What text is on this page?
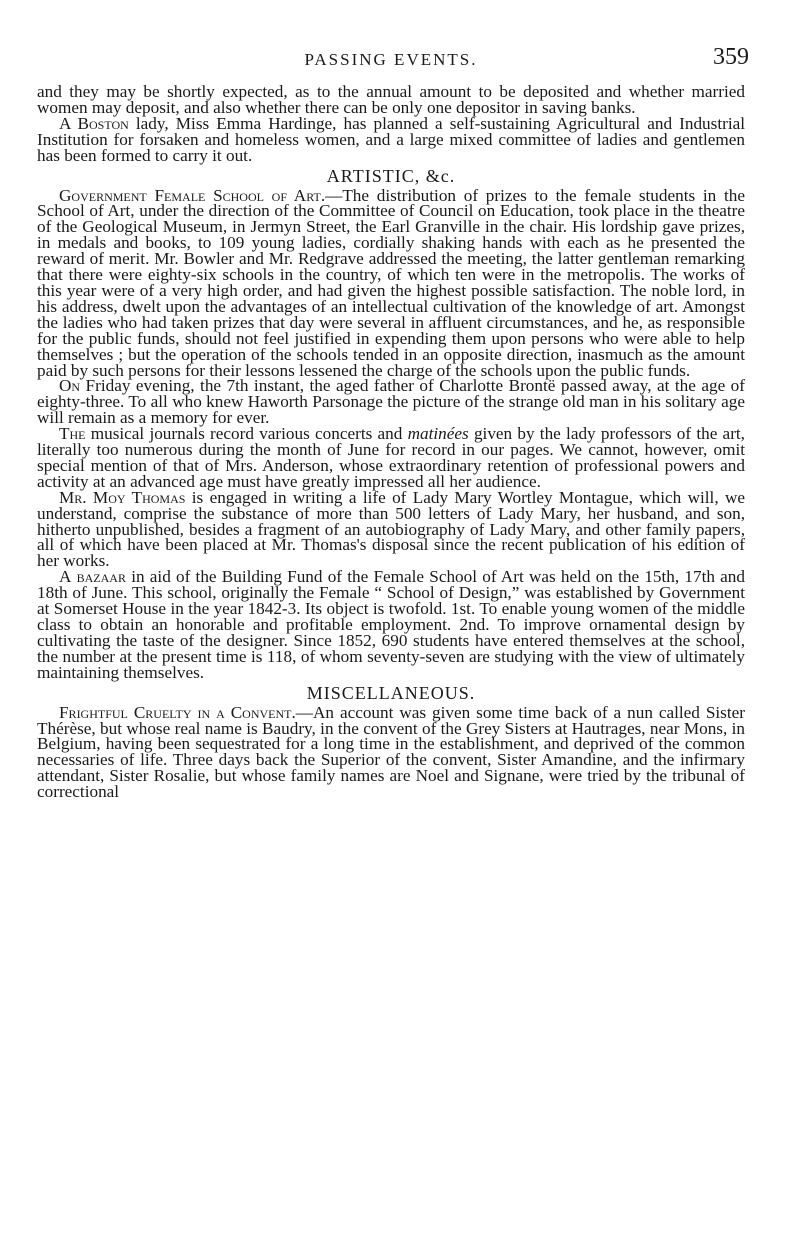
PASSING EVENTS.	359

and they may be shortly expected, as to the annual amount to be deposited and whether married women may deposit, and also whether there can be only one depositor in saving banks.

A Boston lady, Miss Emma Hardinge, has planned a self-sustaining Agricultural and Industrial Institution for forsaken and homeless women, and a large mixed committee of ladies and gentlemen has been formed to carry it out.

ARTISTIC, &c.

Government Female School of Art.—The distribution of prizes to the female students in the School of Art, under the direction of the Committee of Council on Education, took place in the theatre of the Geological Museum, in Jermyn Street, the Earl Granville in the chair. His lordship gave prizes, in medals and books, to 109 young ladies, cordially shaking hands with each as he presented the reward of merit. Mr. Bowler and Mr. Redgrave addressed the meeting, the latter gentleman remarking that there were eighty-six schools in the country, of which ten were in the metropolis. The works of this year were of a very high order, and had given the highest possible satisfaction. The noble lord, in his address, dwelt upon the advantages of an intellectual cultivation of the knowledge of art. Amongst the ladies who had taken prizes that day were several in affluent circumstances, and he, as responsible for the public funds, should not feel justified in expending them upon persons who were able to help themselves ; but the operation of the schools tended in an opposite direction, inasmuch as the amount paid by such persons for their lessons lessened the charge of the schools upon the public funds.

On Friday evening, the 7th instant, the aged father of Charlotte Brontë passed away, at the age of eighty-three. To all who knew Haworth Parsonage the picture of the strange old man in his solitary age will remain as a memory for ever.

The musical journals record various concerts and matinées given by the lady professors of the art, literally too numerous during the month of June for record in our pages. We cannot, however, omit special mention of that of Mrs. Anderson, whose extraordinary retention of professional powers and activity at an advanced age must have greatly impressed all her audience.

Mr. Moy Thomas is engaged in writing a life of Lady Mary Wortley Montague, which will, we understand, comprise the substance of more than 500 letters of Lady Mary, her husband, and son, hitherto unpublished, besides a fragment of an autobiography of Lady Mary, and other family papers, all of which have been placed at Mr. Thomas's disposal since the recent publication of his edition of her works.

A bazaar in aid of the Building Fund of the Female School of Art was held on the 15th, 17th and 18th of June. This school, originally the Female “ School of Design,” was established by Government at Somerset House in the year 1842-3. Its object is twofold. 1st. To enable young women of the middle class to obtain an honorable and profitable employment. 2nd. To improve ornamental design by cultivating the taste of the designer. Since 1852, 690 students have entered themselves at the school, the number at the present time is 118, of whom seventy-seven are studying with the view of ultimately maintaining themselves.

MISCELLANEOUS.

Frightful Cruelty in a Convent.—An account was given some time back of a nun called Sister Thérèse, but whose real name is Baudry, in the convent of the Grey Sisters at Hautrages, near Mons, in Belgium, having been sequestrated for a long time in the establishment, and deprived of the common necessaries of life. Three days back the Superior of the convent, Sister Amandine, and the infirmary attendant, Sister Rosalie, but whose family names are Noel and Signane, were tried by the tribunal of correctional
